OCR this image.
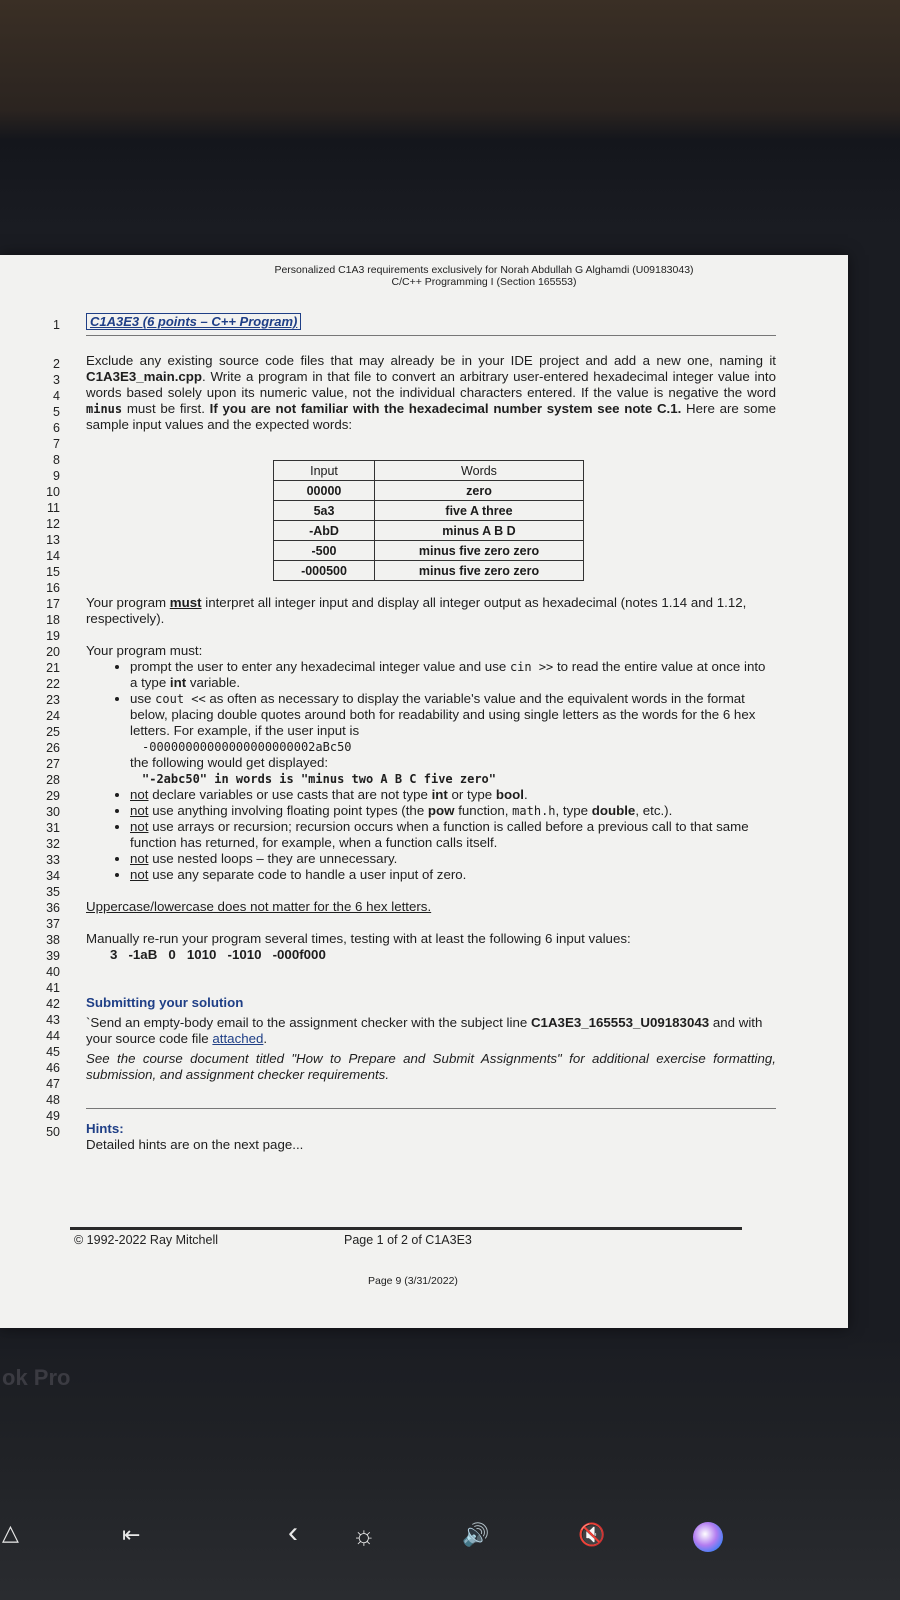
Personalized C1A3 requirements exclusively for Norah Abdullah G Alghamdi (U09183043)
C/C++ Programming I (Section 165553)
1
2
3
4
5
6
7
8
9
10
11
12
13
14
15
16
17
18
19
20
21
22
23
24
25
26
27
28
29
30
31
32
33
34
35
36
37
38
39
40
41
42
43
44
45
46
47
48
49
50
C1A3E3 (6 points – C++ Program)

Exclude any existing source code files that may already be in your IDE project and add a new one, naming it C1A3E3_main.cpp. Write a program in that file to convert an arbitrary user-entered hexadecimal integer value into words based solely upon its numeric value, not the individual characters entered. If the value is negative the word minus must be first. If you are not familiar with the hexadecimal number system see note C.1. Here are some sample input values and the expected words:

Input	Words
00000	zero
5a3	five A three
-AbD	minus A B D
-500	minus five zero zero
-000500	minus five zero zero

Your program must interpret all integer input and display all integer output as hexadecimal (notes 1.14 and 1.12, respectively).

Your program must:

• prompt the user to enter any hexadecimal integer value and use cin >> to read the entire value at once into a type int variable.
• use cout << as often as necessary to display the variable's value and the equivalent words in the format below, placing double quotes around both for readability and using single letters as the words for the 6 hex letters. For example, if the user input is
-00000000000000000000002aBc50
the following would get displayed:
"-2abc50" in words is "minus two A B C five zero"
• not declare variables or use casts that are not type int or type bool.
• not use anything involving floating point types (the pow function, math.h, type double, etc.).
• not use arrays or recursion; recursion occurs when a function is called before a previous call to that same function has returned, for example, when a function calls itself.
• not use nested loops – they are unnecessary.
• not use any separate code to handle a user input of zero.

Uppercase/lowercase does not matter for the 6 hex letters.

Manually re-run your program several times, testing with at least the following 6 input values:

3   -1aB   0   1010   -1010   -000f000

Submitting your solution

`Send an empty-body email to the assignment checker with the subject line C1A3E3_165553_U09183043 and with your source code file attached.

See the course document titled "How to Prepare and Submit Assignments" for additional exercise formatting, submission, and assignment checker requirements.

Hints:

Detailed hints are on the next page...

© 1992-2022 Ray Mitchell	Page 1 of 2 of C1A3E3
Page 9 (3/31/2022)
ok Pro
△	⇤	‹ ☼	🔊	🔇
